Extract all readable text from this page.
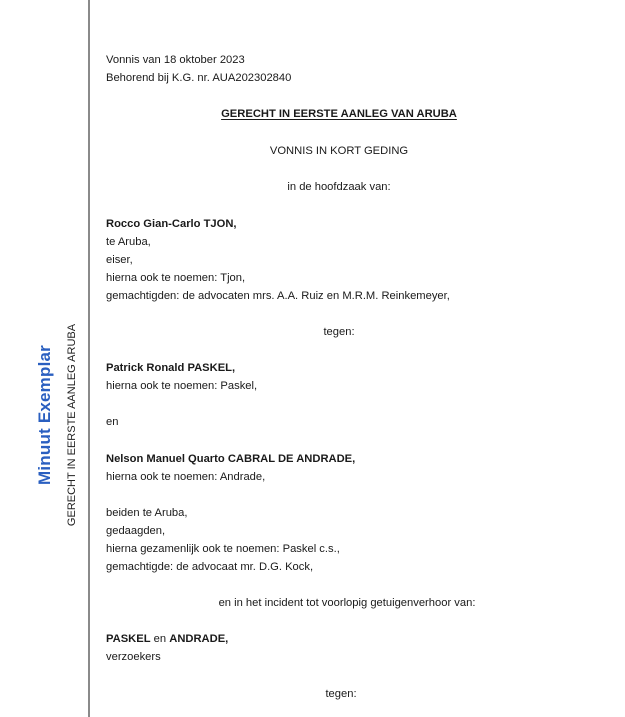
Minuut Exemplar GERECHT IN EERSTE AANLEG ARUBA
Vonnis van 18 oktober 2023
Behorend bij K.G. nr. AUA202302840
GERECHT IN EERSTE AANLEG VAN ARUBA
VONNIS IN KORT GEDING
in de hoofdzaak van:
Rocco Gian-Carlo TJON,
te Aruba,
eiser,
hierna ook te noemen: Tjon,
gemachtigden: de advocaten mrs. A.A. Ruiz en M.R.M. Reinkemeyer,
tegen:
Patrick Ronald PASKEL,
hierna ook te noemen: Paskel,
en
Nelson Manuel Quarto CABRAL DE ANDRADE,
hierna ook te noemen: Andrade,
beiden te Aruba,
gedaagden,
hierna gezamenlijk ook te noemen: Paskel c.s.,
gemachtigde: de advocaat mr. D.G. Kock,
en in het incident tot voorlopig getuigenverhoor van:
PASKEL en ANDRADE,
verzoekers
tegen:
